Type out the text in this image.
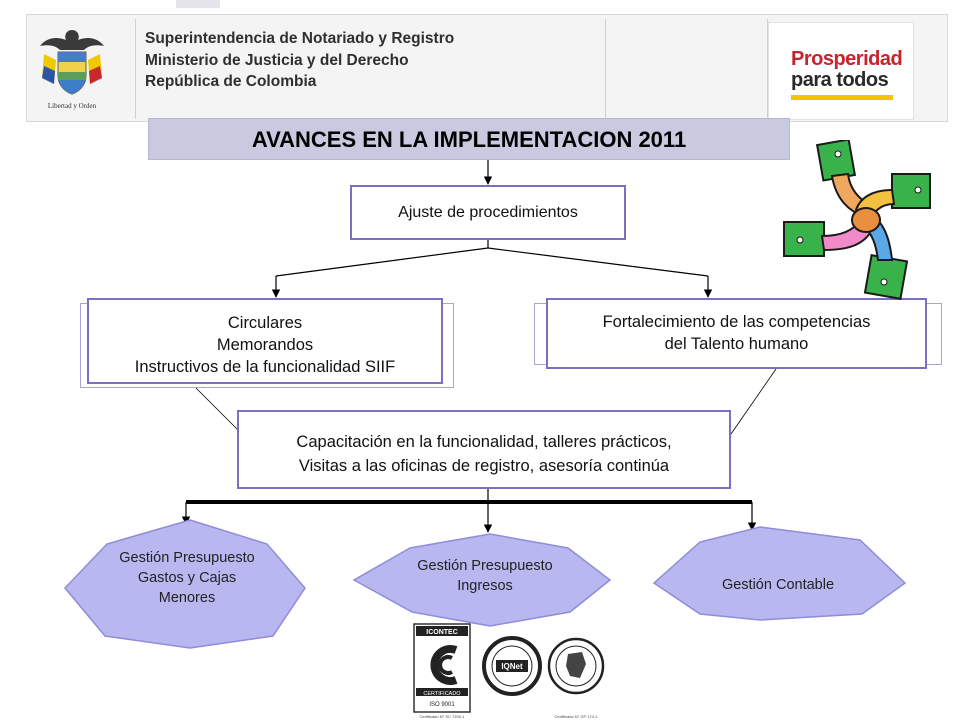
Libertad y Orden
Superintendencia de Notariado y Registro
Ministerio de Justicia y del Derecho
República de Colombia
Prosperidad
para todos
AVANCES EN LA IMPLEMENTACION 2011
Ajuste de procedimientos
Circulares
Memorandos
Instructivos de la funcionalidad SIIF
Fortalecimiento de las competencias
del Talento humano
Capacitación en la funcionalidad, talleres prácticos,
Visitas a las oficinas de registro, asesoría continúa
Gestión Presupuesto
Gastos y Cajas
Menores
Gestión Presupuesto
Ingresos	Gestión Contable
ICONTEC
CERTIFICADO
ISO 9001
Certificado N° SC 7200-1
IQNet
Certificado N° GP 174-1
